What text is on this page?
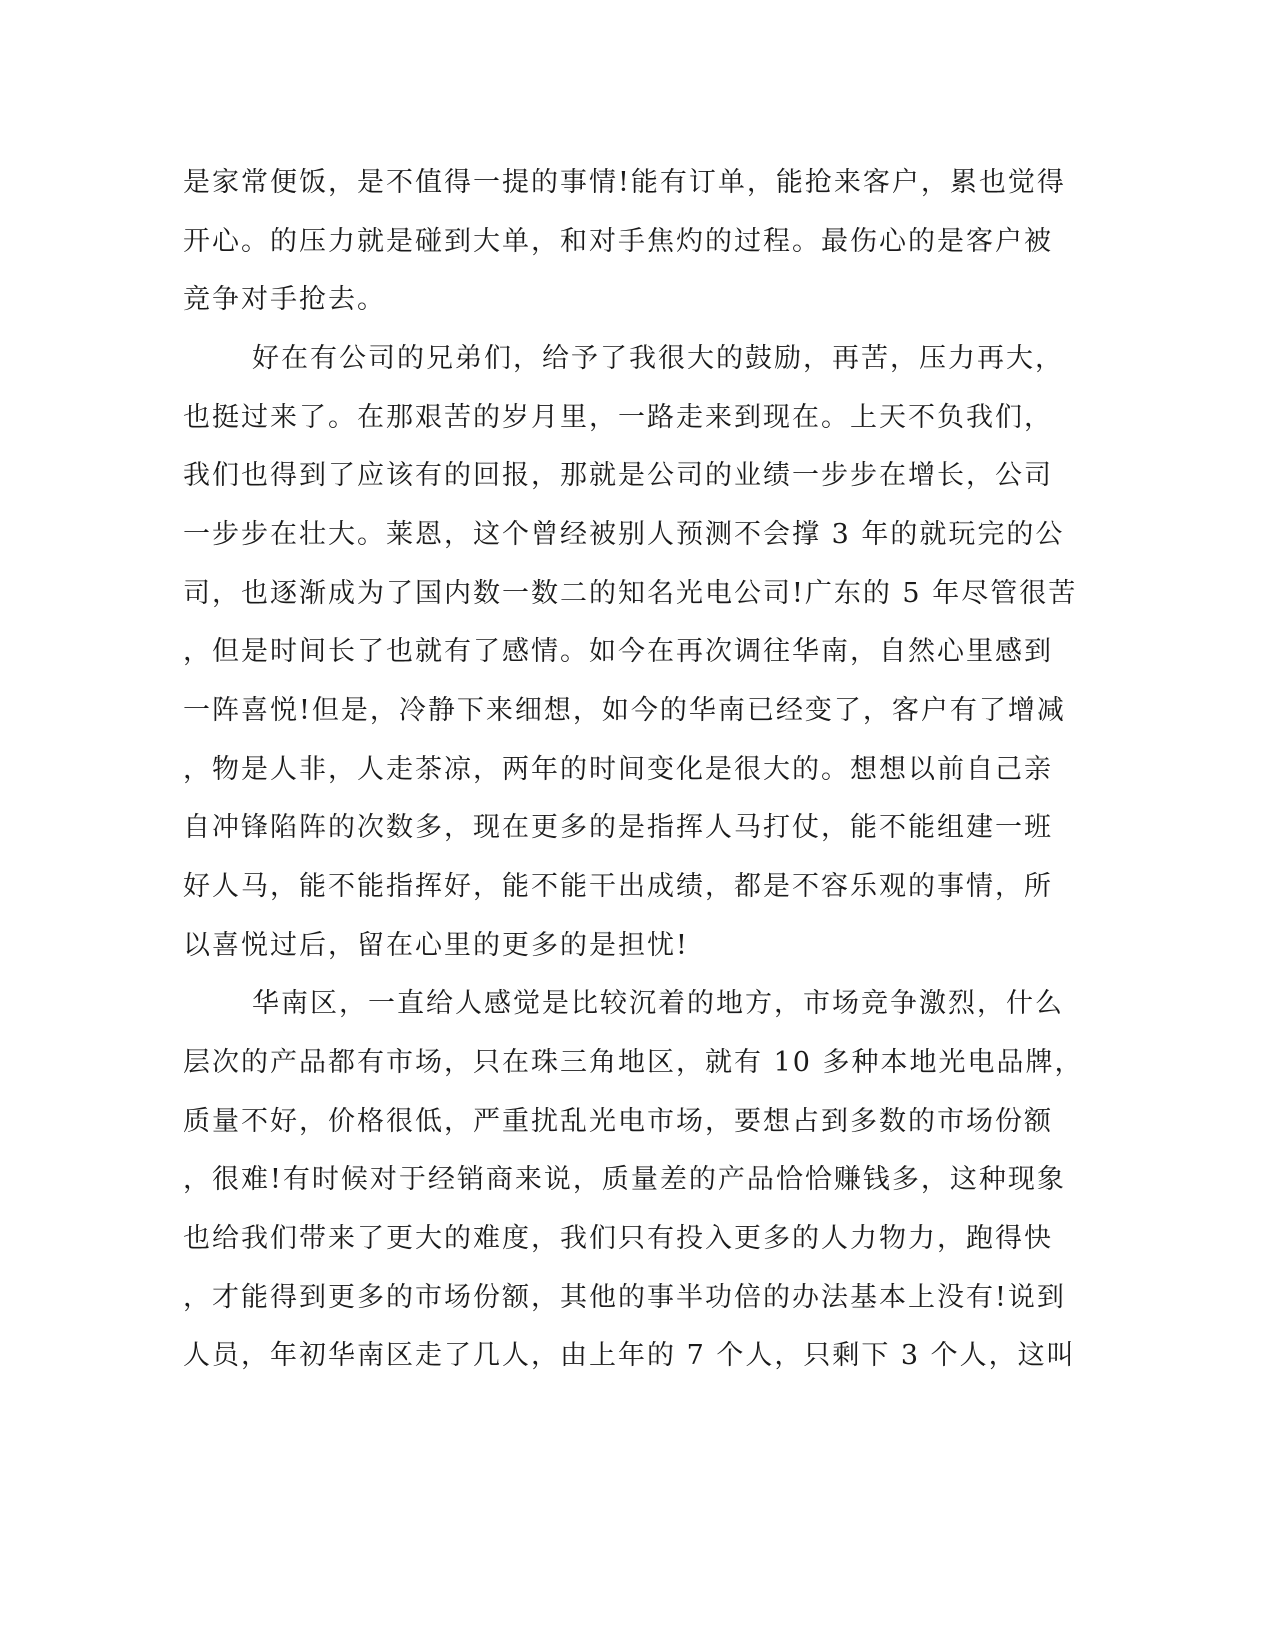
是家常便饭，是不值得一提的事情!能有订单，能抢来客户，累也觉得
开心。的压力就是碰到大单，和对手焦灼的过程。最伤心的是客户被
竞争对手抢去。
好在有公司的兄弟们，给予了我很大的鼓励，再苦，压力再大，
也挺过来了。在那艰苦的岁月里，一路走来到现在。上天不负我们，
我们也得到了应该有的回报，那就是公司的业绩一步步在增长，公司
一步步在壮大。莱恩，这个曾经被别人预测不会撑 3 年的就玩完的公
司，也逐渐成为了国内数一数二的知名光电公司!广东的 5 年尽管很苦
，但是时间长了也就有了感情。如今在再次调往华南，自然心里感到
一阵喜悦!但是，冷静下来细想，如今的华南已经变了，客户有了增减
，物是人非，人走茶凉，两年的时间变化是很大的。想想以前自己亲
自冲锋陷阵的次数多，现在更多的是指挥人马打仗，能不能组建一班
好人马，能不能指挥好，能不能干出成绩，都是不容乐观的事情，所
以喜悦过后，留在心里的更多的是担忧!
华南区，一直给人感觉是比较沉着的地方，市场竞争激烈，什么
层次的产品都有市场，只在珠三角地区，就有 10 多种本地光电品牌，
质量不好，价格很低，严重扰乱光电市场，要想占到多数的市场份额
，很难!有时候对于经销商来说，质量差的产品恰恰赚钱多，这种现象
也给我们带来了更大的难度，我们只有投入更多的人力物力，跑得快
，才能得到更多的市场份额，其他的事半功倍的办法基本上没有!说到
人员，年初华南区走了几人，由上年的 7 个人，只剩下 3 个人，这叫
